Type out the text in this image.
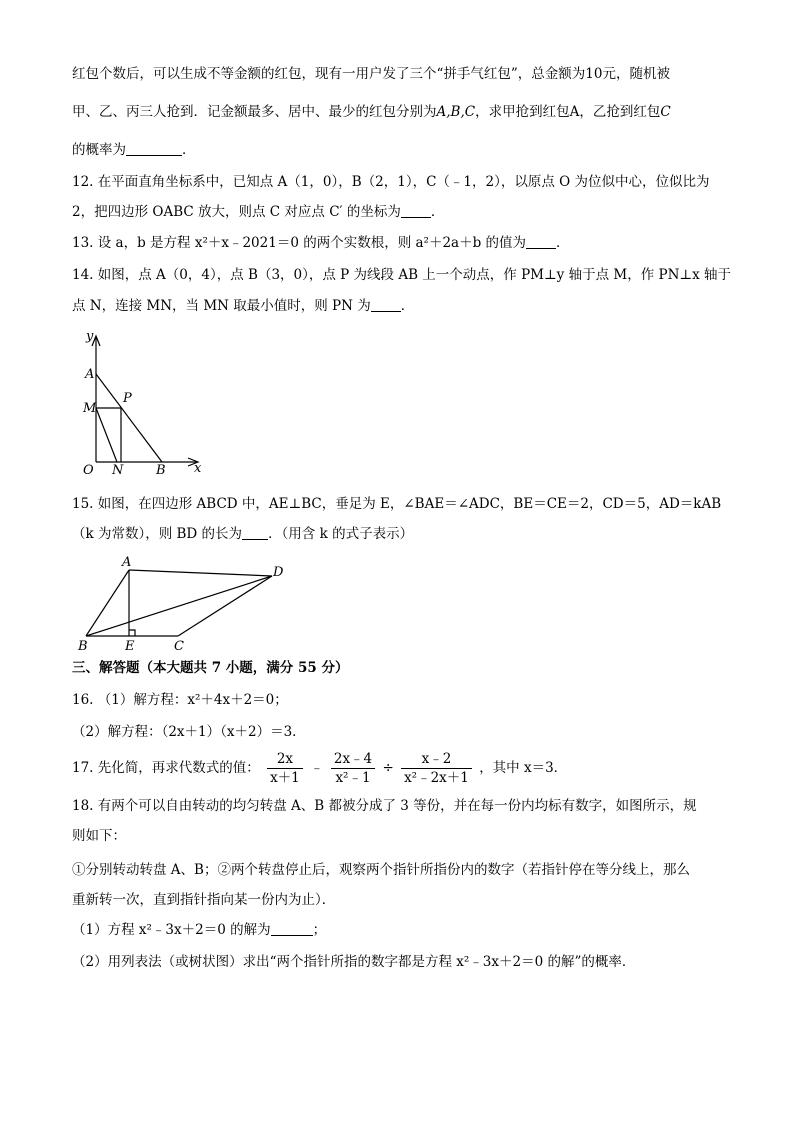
红包个数后，可以生成不等金额的红包，现有一用户发了三个“拼手气红包”，总金额为10元，随机被
甲、乙、丙三人抢到．记金额最多、居中、最少的红包分别为A,B,C，求甲抢到红包A，乙抢到红包C
的概率为	．
12. 在平面直角坐标系中，已知点 A（1，0），B（2，1），C（﹣1，2），以原点 O 为位似中心，位似比为
2，把四边形 OABC 放大，则点 C 对应点 C′ 的坐标为 ．
13. 设 a，b 是方程 x²＋x﹣2021＝0 的两个实数根，则 a²＋2a＋b 的值为 ．
14. 如图，点 A（0，4），点 B（3，0），点 P 为线段 AB 上一个动点，作 PM⊥y 轴于点 M，作 PN⊥x 轴于
点 N，连接 MN，当 MN 取最小值时，则 PN 为 ．
y
x
A
M
P
O N	B
15. 如图，在四边形 ABCD 中，AE⊥BC，垂足为 E，∠BAE＝∠ADC，BE＝CE＝2，CD＝5，AD＝kAB
（k 为常数），则 BD 的长为 ．（用含 k 的式子表示）
A
D
B	E	C
三、解答题（本大题共 7 小题，满分 55 分）
16. （1）解方程：x²＋4x＋2＝0；
（2）解方程：（2x＋1）（x＋2）＝3．
17. 先化简，再求代数式的值： $\frac{2x}{x+1}$ ﹣ $\frac{2x﹣4}{\text{x²﹣1}} \div \frac{x﹣2}{\text{x²﹣2x＋1}}$ ，其中 x＝3．
18. 有两个可以自由转动的均匀转盘 A、B 都被分成了 3 等份，并在每一份内均标有数字，如图所示，规
则如下：
①分别转动转盘 A、B；②两个转盘停止后，观察两个指针所指份内的数字（若指针停在等分线上，那么
重新转一次，直到指针指向某一份内为止）．
（1）方程 x²﹣3x＋2＝0 的解为	；
（2）用列表法（或树状图）求出“两个指针所指的数字都是方程 x²﹣3x＋2＝0 的解”的概率．
